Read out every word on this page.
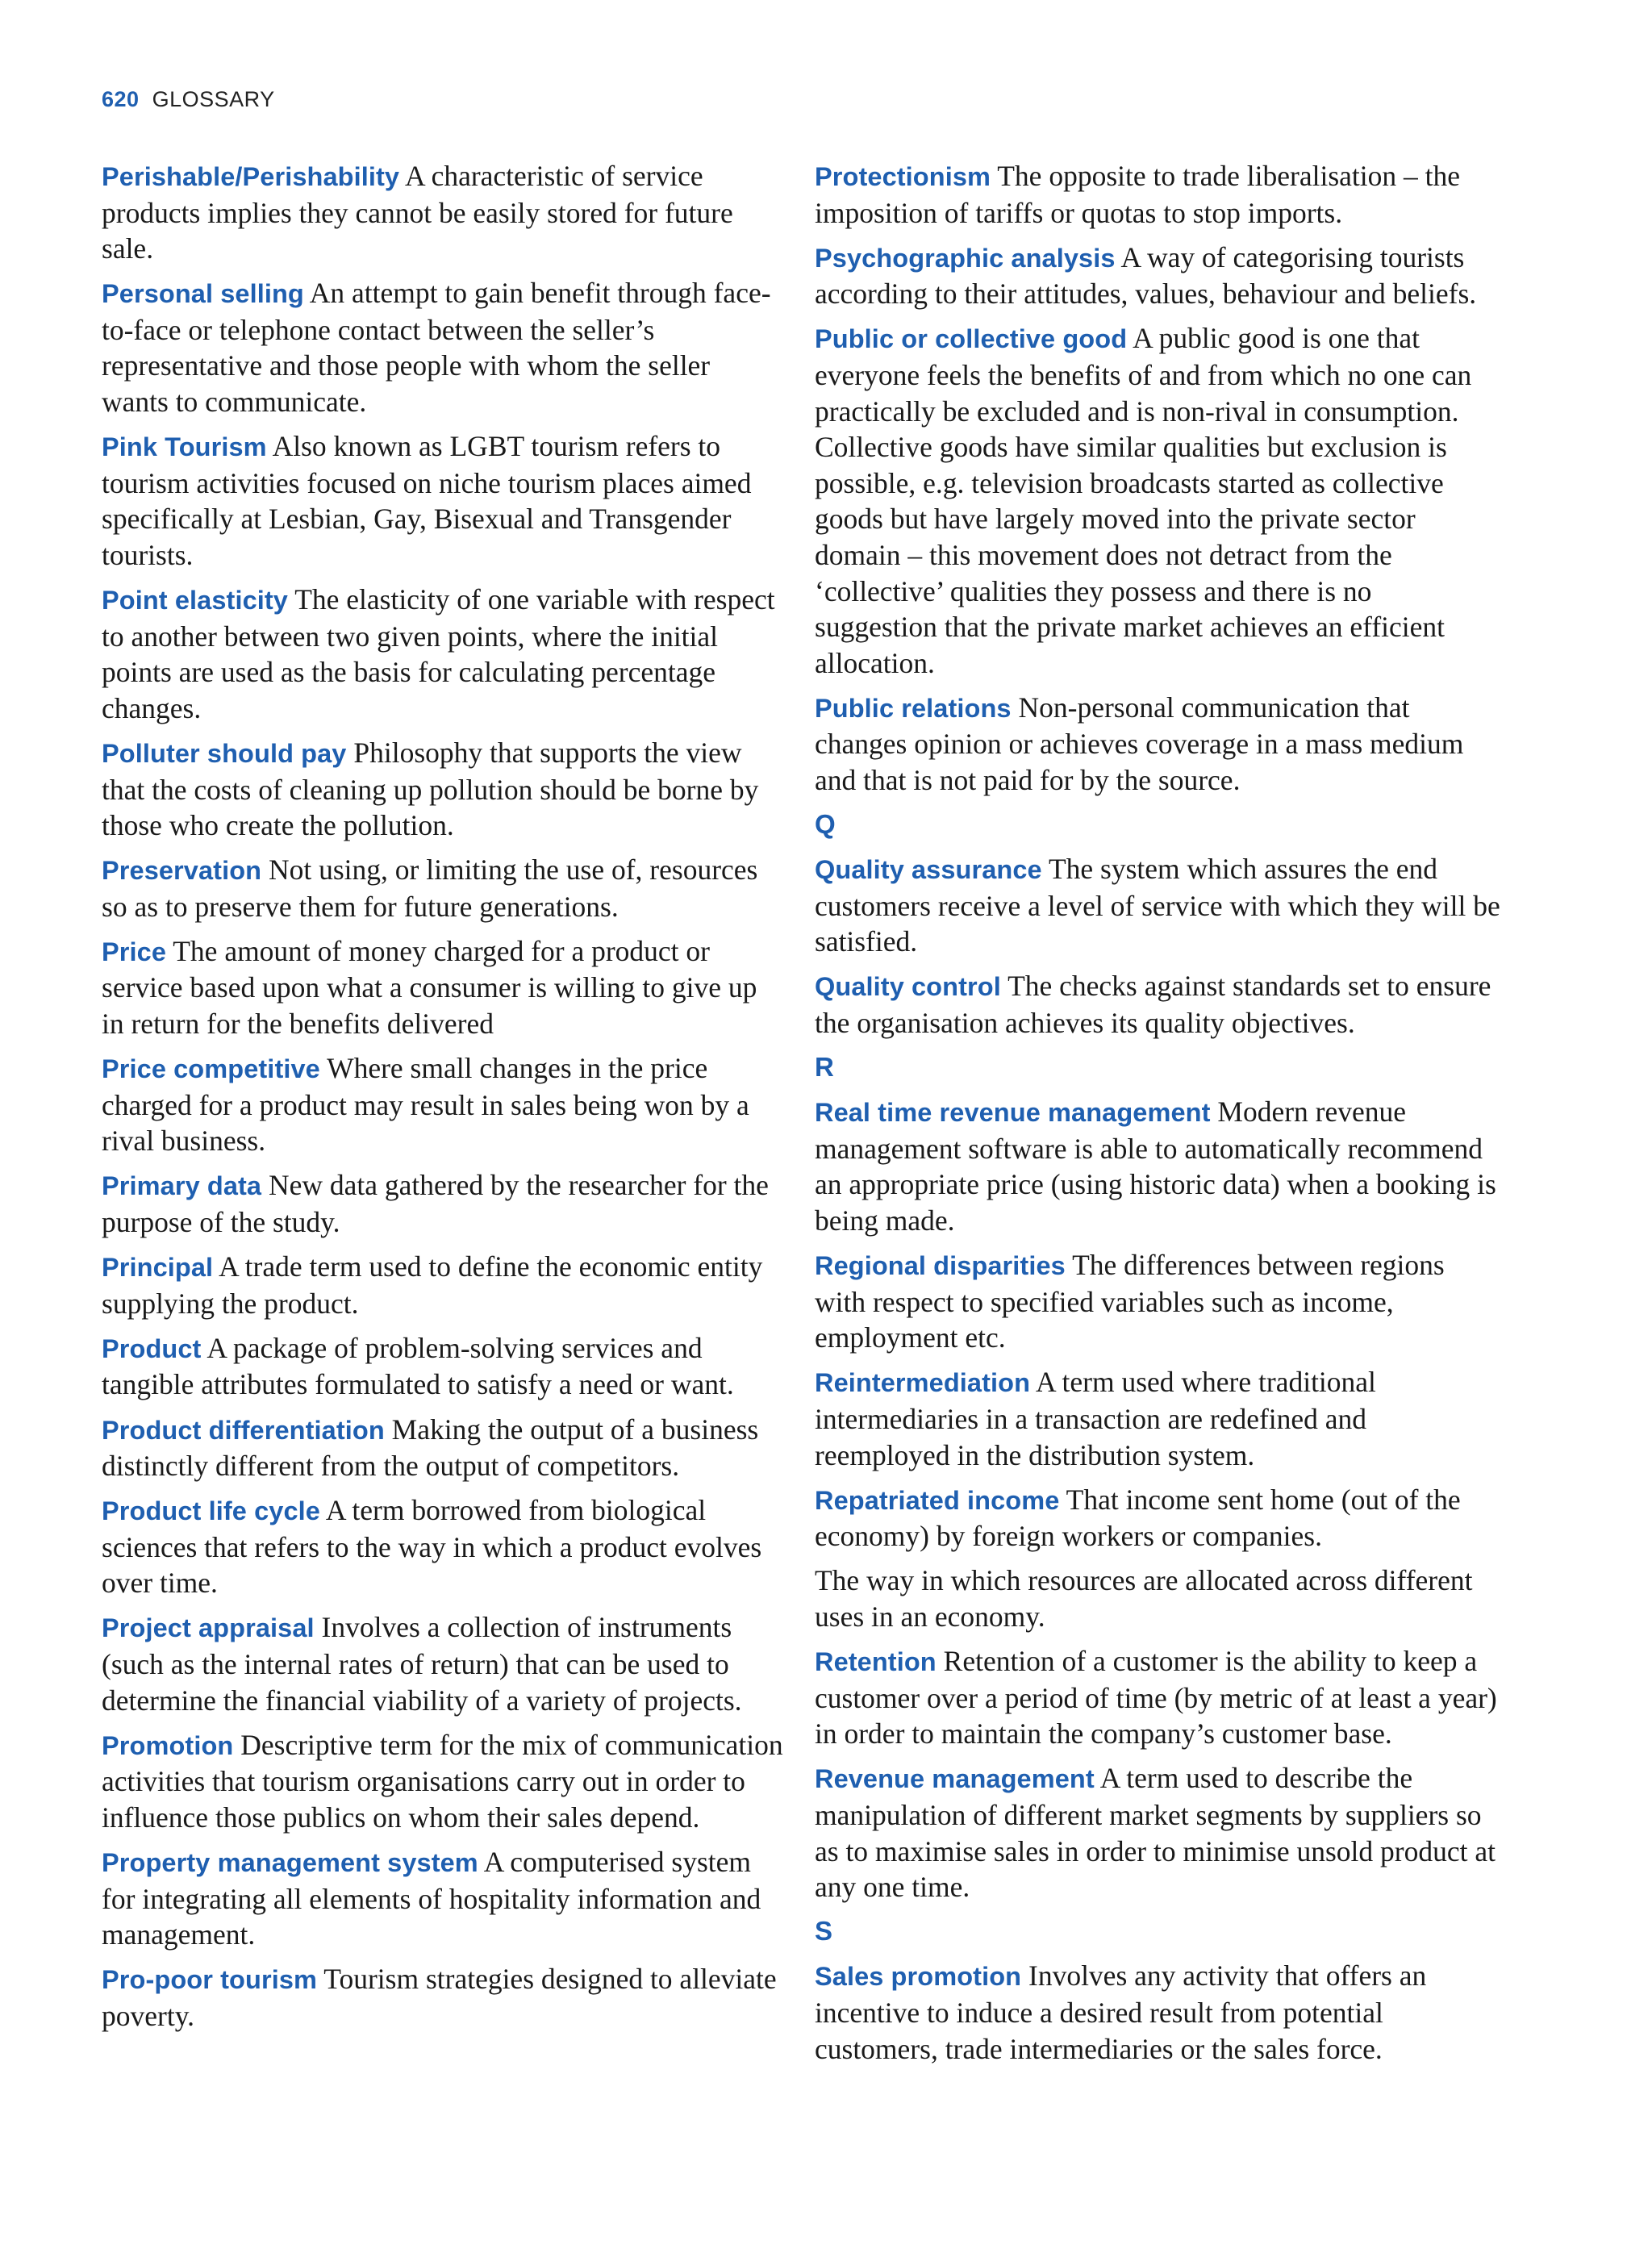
620 GLOSSARY
Perishable/Perishability A characteristic of service products implies they cannot be easily stored for future sale.
Personal selling An attempt to gain benefit through face-to-face or telephone contact between the seller’s representative and those people with whom the seller wants to communicate.
Pink Tourism Also known as LGBT tourism refers to tourism activities focused on niche tourism places aimed specifically at Lesbian, Gay, Bisexual and Transgender tourists.
Point elasticity The elasticity of one variable with respect to another between two given points, where the initial points are used as the basis for calculating percentage changes.
Polluter should pay Philosophy that supports the view that the costs of cleaning up pollution should be borne by those who create the pollution.
Preservation Not using, or limiting the use of, resources so as to preserve them for future generations.
Price The amount of money charged for a product or service based upon what a consumer is willing to give up in return for the benefits delivered
Price competitive Where small changes in the price charged for a product may result in sales being won by a rival business.
Primary data New data gathered by the researcher for the purpose of the study.
Principal A trade term used to define the economic entity supplying the product.
Product A package of problem-solving services and tangible attributes formulated to satisfy a need or want.
Product differentiation Making the output of a business distinctly different from the output of competitors.
Product life cycle A term borrowed from biological sciences that refers to the way in which a product evolves over time.
Project appraisal Involves a collection of instruments (such as the internal rates of return) that can be used to determine the financial viability of a variety of projects.
Promotion Descriptive term for the mix of communication activities that tourism organisations carry out in order to influence those publics on whom their sales depend.
Property management system A computerised system for integrating all elements of hospitality information and management.
Pro-poor tourism Tourism strategies designed to alleviate poverty.
Protectionism The opposite to trade liberalisation – the imposition of tariffs or quotas to stop imports.
Psychographic analysis A way of categorising tourists according to their attitudes, values, behaviour and beliefs.
Public or collective good A public good is one that everyone feels the benefits of and from which no one can practically be excluded and is non-rival in consumption. Collective goods have similar qualities but exclusion is possible, e.g. television broadcasts started as collective goods but have largely moved into the private sector domain – this movement does not detract from the ‘collective’ qualities they possess and there is no suggestion that the private market achieves an efficient allocation.
Public relations Non-personal communication that changes opinion or achieves coverage in a mass medium and that is not paid for by the source.
Q
Quality assurance The system which assures the end customers receive a level of service with which they will be satisfied.
Quality control The checks against standards set to ensure the organisation achieves its quality objectives.
R
Real time revenue management Modern revenue management software is able to automatically recommend an appropriate price (using historic data) when a booking is being made.
Regional disparities The differences between regions with respect to specified variables such as income, employment etc.
Reintermediation A term used where traditional intermediaries in a transaction are redefined and reemployed in the distribution system.
Repatriated income That income sent home (out of the economy) by foreign workers or companies.
The way in which resources are allocated across different uses in an economy.
Retention Retention of a customer is the ability to keep a customer over a period of time (by metric of at least a year) in order to maintain the company’s customer base.
Revenue management A term used to describe the manipulation of different market segments by suppliers so as to maximise sales in order to minimise unsold product at any one time.
S
Sales promotion Involves any activity that offers an incentive to induce a desired result from potential customers, trade intermediaries or the sales force.
